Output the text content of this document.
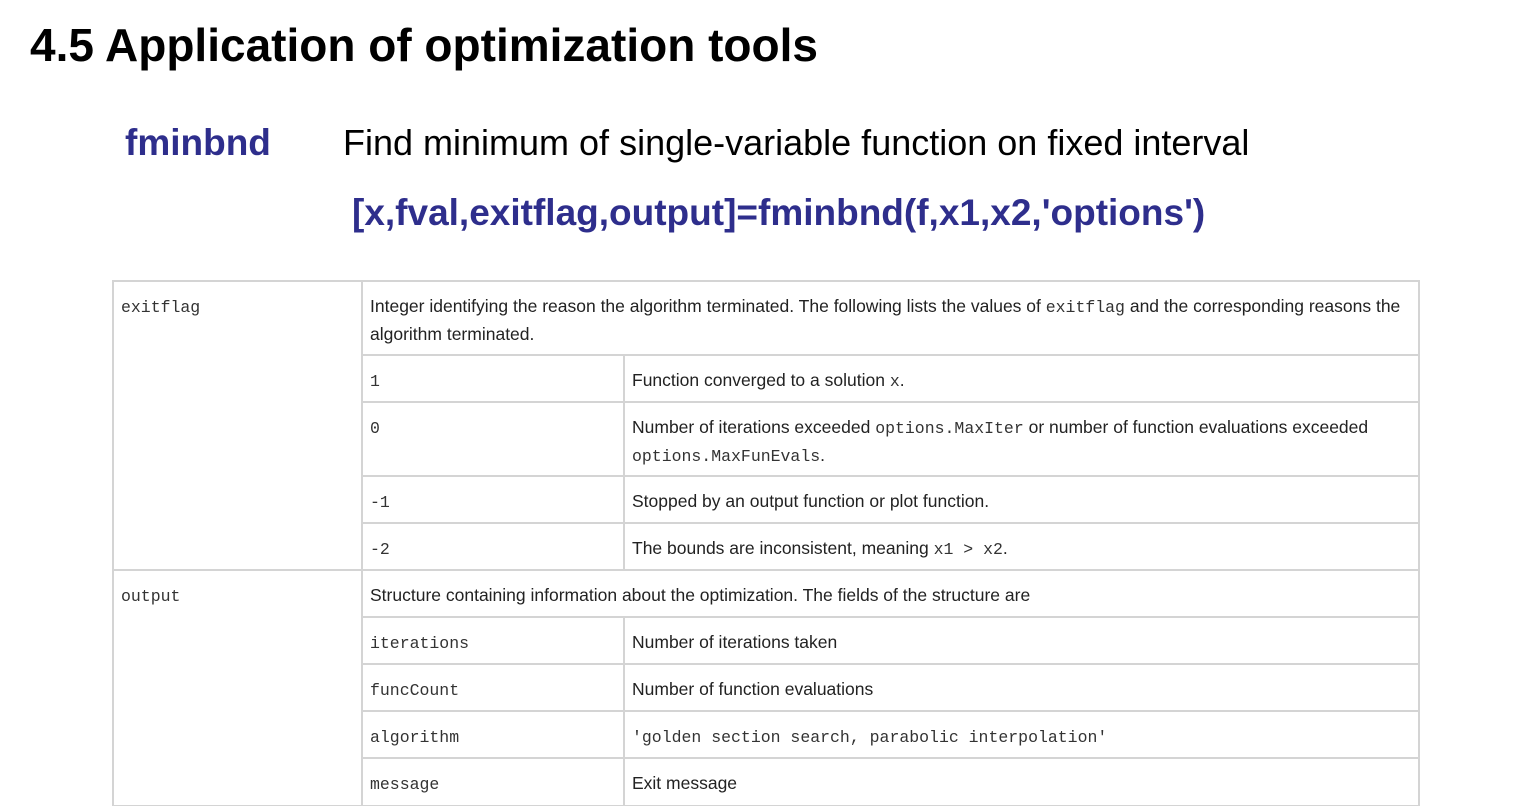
4.5 Application of optimization tools
fminbnd Find minimum of single-variable function on fixed interval
[x,fval,exitflag,output]=fminbnd(f,x1,x2,'options')
exitflag	Integer identifying the reason the algorithm terminated. The following lists the values of exitflag and the corresponding reasons the algorithm terminated.	
	1	Function converged to a solution x.
	0	Number of iterations exceeded options.MaxIter or number of function evaluations exceeded options.MaxFunEvals.
	-1	Stopped by an output function or plot function.
	-2	The bounds are inconsistent, meaning x1 > x2.
output	Structure containing information about the optimization. The fields of the structure are	
	iterations	Number of iterations taken
	funcCount	Number of function evaluations
	algorithm	'golden section search, parabolic interpolation'
	message	Exit message
